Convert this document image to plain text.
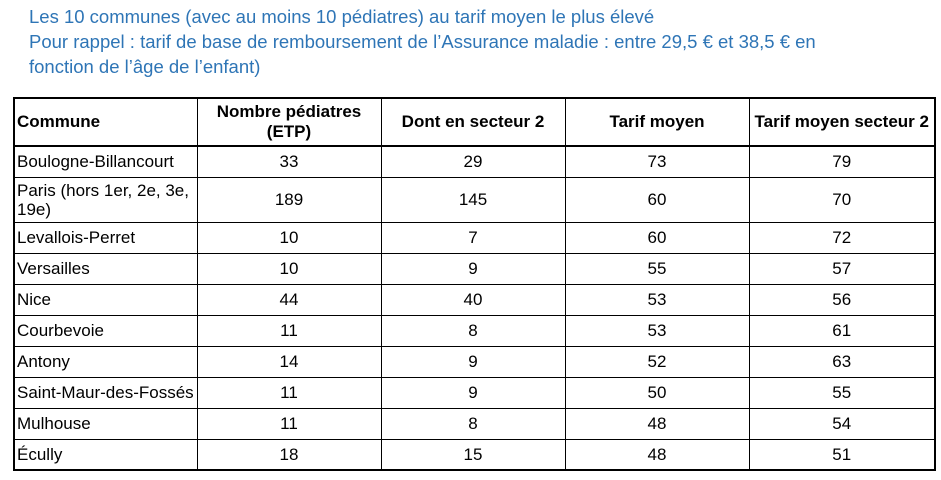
Les 10 communes (avec au moins 10 pédiatres) au tarif moyen le plus élevé
Pour rappel : tarif de base de remboursement de l’Assurance maladie : entre 29,5 € et 38,5 € en
fonction de l’âge de l’enfant)
Commune	Nombre pédiatres (ETP)	Dont en secteur 2	Tarif moyen	Tarif moyen secteur 2
Boulogne-Billancourt	33	29	73	79
Paris (hors 1er, 2e, 3e, 19e)	189	145	60	70
Levallois-Perret	10	7	60	72
Versailles	10	9	55	57
Nice	44	40	53	56
Courbevoie	11	8	53	61
Antony	14	9	52	63
Saint-Maur-des-Fossés	11	9	50	55
Mulhouse	11	8	48	54
Écully	18	15	48	51
